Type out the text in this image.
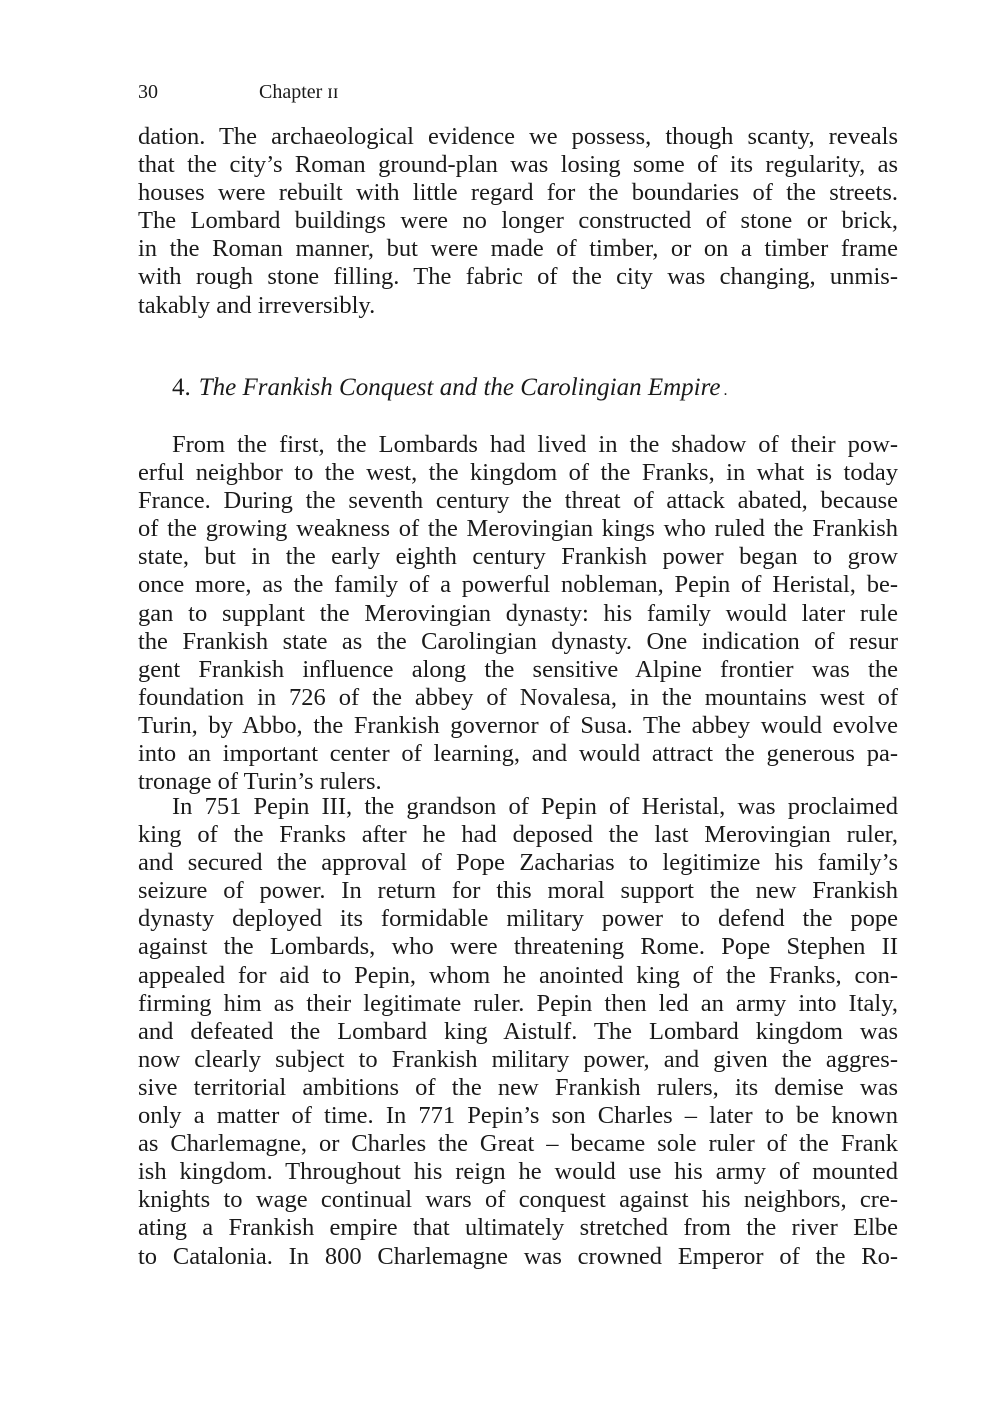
30	Chapter ɪɪ
dation. The archaeological evidence we possess, though scanty, reveals
that the city’s Roman ground-plan was losing some of its regularity, as
houses were rebuilt with little regard for the boundaries of the streets.
The Lombard buildings were no longer constructed of stone or brick,
in the Roman manner, but were made of timber, or on a timber frame
with rough stone filling. The fabric of the city was changing, unmis-
takably and irreversibly.
4. The Frankish Conquest and the Carolingian Empire .
From the first, the Lombards had lived in the shadow of their pow-
erful neighbor to the west, the kingdom of the Franks, in what is today
France. During the seventh century the threat of attack abated, because
of the growing weakness of the Merovingian kings who ruled the Frankish
state, but in the early eighth century Frankish power began to grow
once more, as the family of a powerful nobleman, Pepin of Heristal, be-
gan to supplant the Merovingian dynasty: his family would later rule
the Frankish state as the Carolingian dynasty. One indication of resur
gent Frankish influence along the sensitive Alpine frontier was the
foundation in 726 of the abbey of Novalesa, in the mountains west of
Turin, by Abbo, the Frankish governor of Susa. The abbey would evolve
into an important center of learning, and would attract the generous pa-
tronage of Turin’s rulers.
In 751 Pepin III, the grandson of Pepin of Heristal, was proclaimed
king of the Franks after he had deposed the last Merovingian ruler,
and secured the approval of Pope Zacharias to legitimize his family’s
seizure of power. In return for this moral support the new Frankish
dynasty deployed its formidable military power to defend the pope
against the Lombards, who were threatening Rome. Pope Stephen II
appealed for aid to Pepin, whom he anointed king of the Franks, con-
firming him as their legitimate ruler. Pepin then led an army into Italy,
and defeated the Lombard king Aistulf. The Lombard kingdom was
now clearly subject to Frankish military power, and given the aggres-
sive territorial ambitions of the new Frankish rulers, its demise was
only a matter of time. In 771 Pepin’s son Charles – later to be known
as Charlemagne, or Charles the Great – became sole ruler of the Frank
ish kingdom. Throughout his reign he would use his army of mounted
knights to wage continual wars of conquest against his neighbors, cre-
ating a Frankish empire that ultimately stretched from the river Elbe
to Catalonia. In 800 Charlemagne was crowned Emperor of the Ro-
